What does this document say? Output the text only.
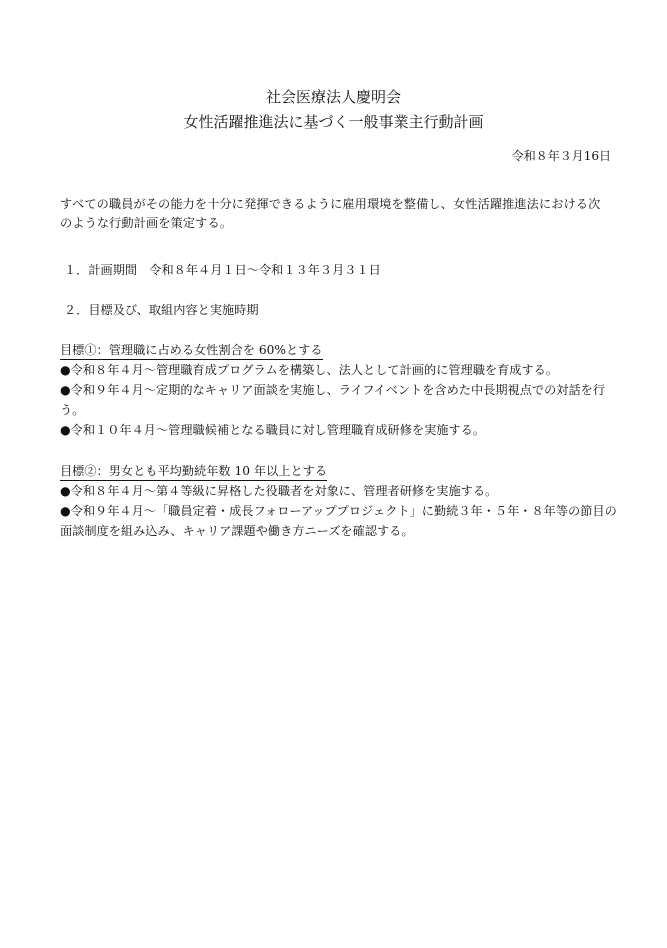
社会医療法人慶明会
女性活躍推進法に基づく一般事業主行動計画
令和８年３月16日
すべての職員がその能力を十分に発揮できるように雇用環境を整備し、女性活躍推進法における次
のような行動計画を策定する。
１．計画期間　令和８年４月１日～令和１３年３月３１日
２．目標及び、取組内容と実施時期
目標①：管理職に占める女性割合を 60%とする
●令和８年４月～管理職育成プログラムを構築し、法人として計画的に管理職を育成する。
●令和９年４月～定期的なキャリア面談を実施し、ライフイベントを含めた中長期視点での対話を行
う。
●令和１０年４月～管理職候補となる職員に対し管理職育成研修を実施する。
目標②：男女とも平均勤続年数 10 年以上とする
●令和８年４月～第４等級に昇格した役職者を対象に、管理者研修を実施する。
●令和９年４月～「職員定着・成長フォローアッププロジェクト」に勤続３年・５年・８年等の節目の
面談制度を組み込み、キャリア課題や働き方ニーズを確認する。
